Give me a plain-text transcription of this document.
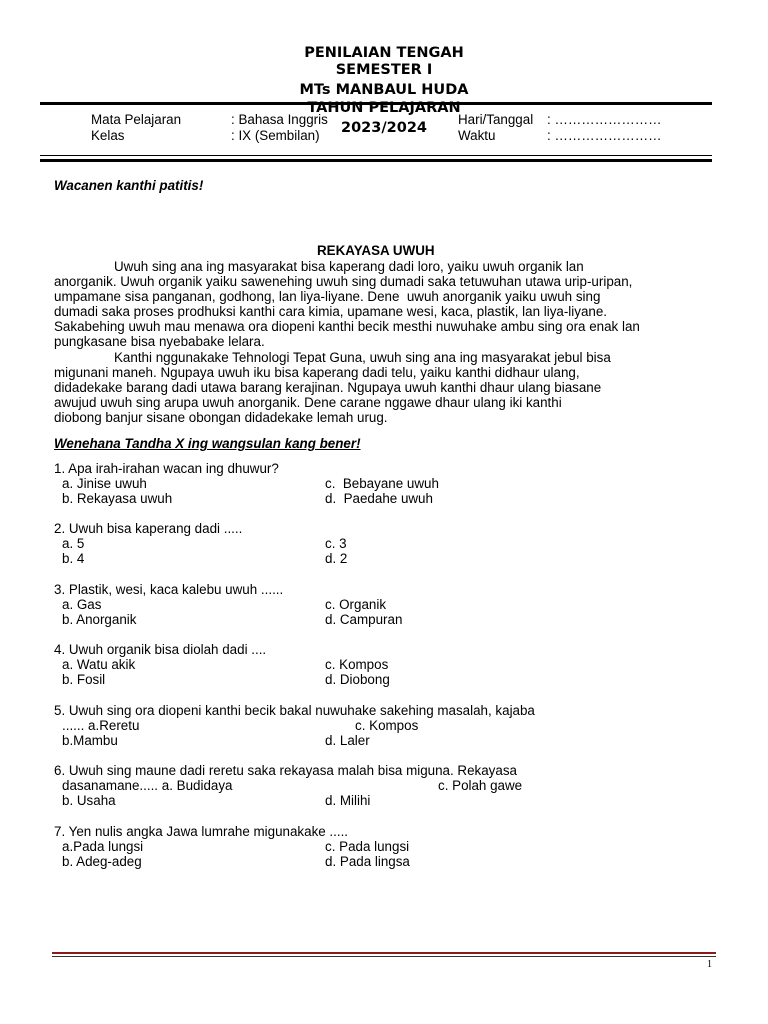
PENILAIAN TENGAH
SEMESTER I
MTs MANBAUL HUDA
TAHUN PELAJARAN
2023/2024
Mata Pelajaran	: Bahasa Inggris
Kelas	: IX (Sembilan)
Hari/Tanggal : ……………………
Waktu	: ……………………
Wacanen kanthi patitis!
REKAYASA UWUH
Uwuh sing ana ing masyarakat bisa kaperang dadi loro, yaiku uwuh organik lan
anorganik. Uwuh organik yaiku sawenehing uwuh sing dumadi saka tetuwuhan utawa urip-uripan,
umpamane sisa panganan, godhong, lan liya-liyane. Dene  uwuh anorganik yaiku uwuh sing
dumadi saka proses prodhuksi kanthi cara kimia, upamane wesi, kaca, plastik, lan liya-liyane.
Sakabehing uwuh mau menawa ora diopeni kanthi becik mesthi nuwuhake ambu sing ora enak lan
pungkasane bisa nyebabake lelara.
Kanthi nggunakake Tehnologi Tepat Guna, uwuh sing ana ing masyarakat jebul bisa
migunani maneh. Ngupaya uwuh iku bisa kaperang dadi telu, yaiku kanthi didhaur ulang,
didadekake barang dadi utawa barang kerajinan. Ngupaya uwuh kanthi dhaur ulang biasane
awujud uwuh sing arupa uwuh anorganik. Dene carane nggawe dhaur ulang iki kanthi
diobong banjur sisane obongan didadekake lemah urug.
Wenehana Tandha X ing wangsulan kang bener!
1. Apa irah-irahan wacan ing dhuwur?
a. Jinise uwuh	c.  Bebayane uwuh
b. Rekayasa uwuh	d.  Paedahe uwuh
2. Uwuh bisa kaperang dadi .....
a. 5	c. 3
b. 4	d. 2
3. Plastik, wesi, kaca kalebu uwuh ......
a. Gas	c. Organik
b. Anorganik	d. Campuran
4. Uwuh organik bisa diolah dadi ....
a. Watu akik	c. Kompos
b. Fosil	d. Diobong
5. Uwuh sing ora diopeni kanthi becik bakal nuwuhake sakehing masalah, kajaba
...... a.Reretu	c. Kompos
b.Mambu	d. Laler
6. Uwuh sing maune dadi reretu saka rekayasa malah bisa miguna. Rekayasa
dasanamane..... a. Budidaya	c. Polah gawe
b. Usaha	d. Milihi
7. Yen nulis angka Jawa lumrahe migunakake .....
a.Pada lungsi	c. Pada lungsi
b. Adeg-adeg	d. Pada lingsa
1
